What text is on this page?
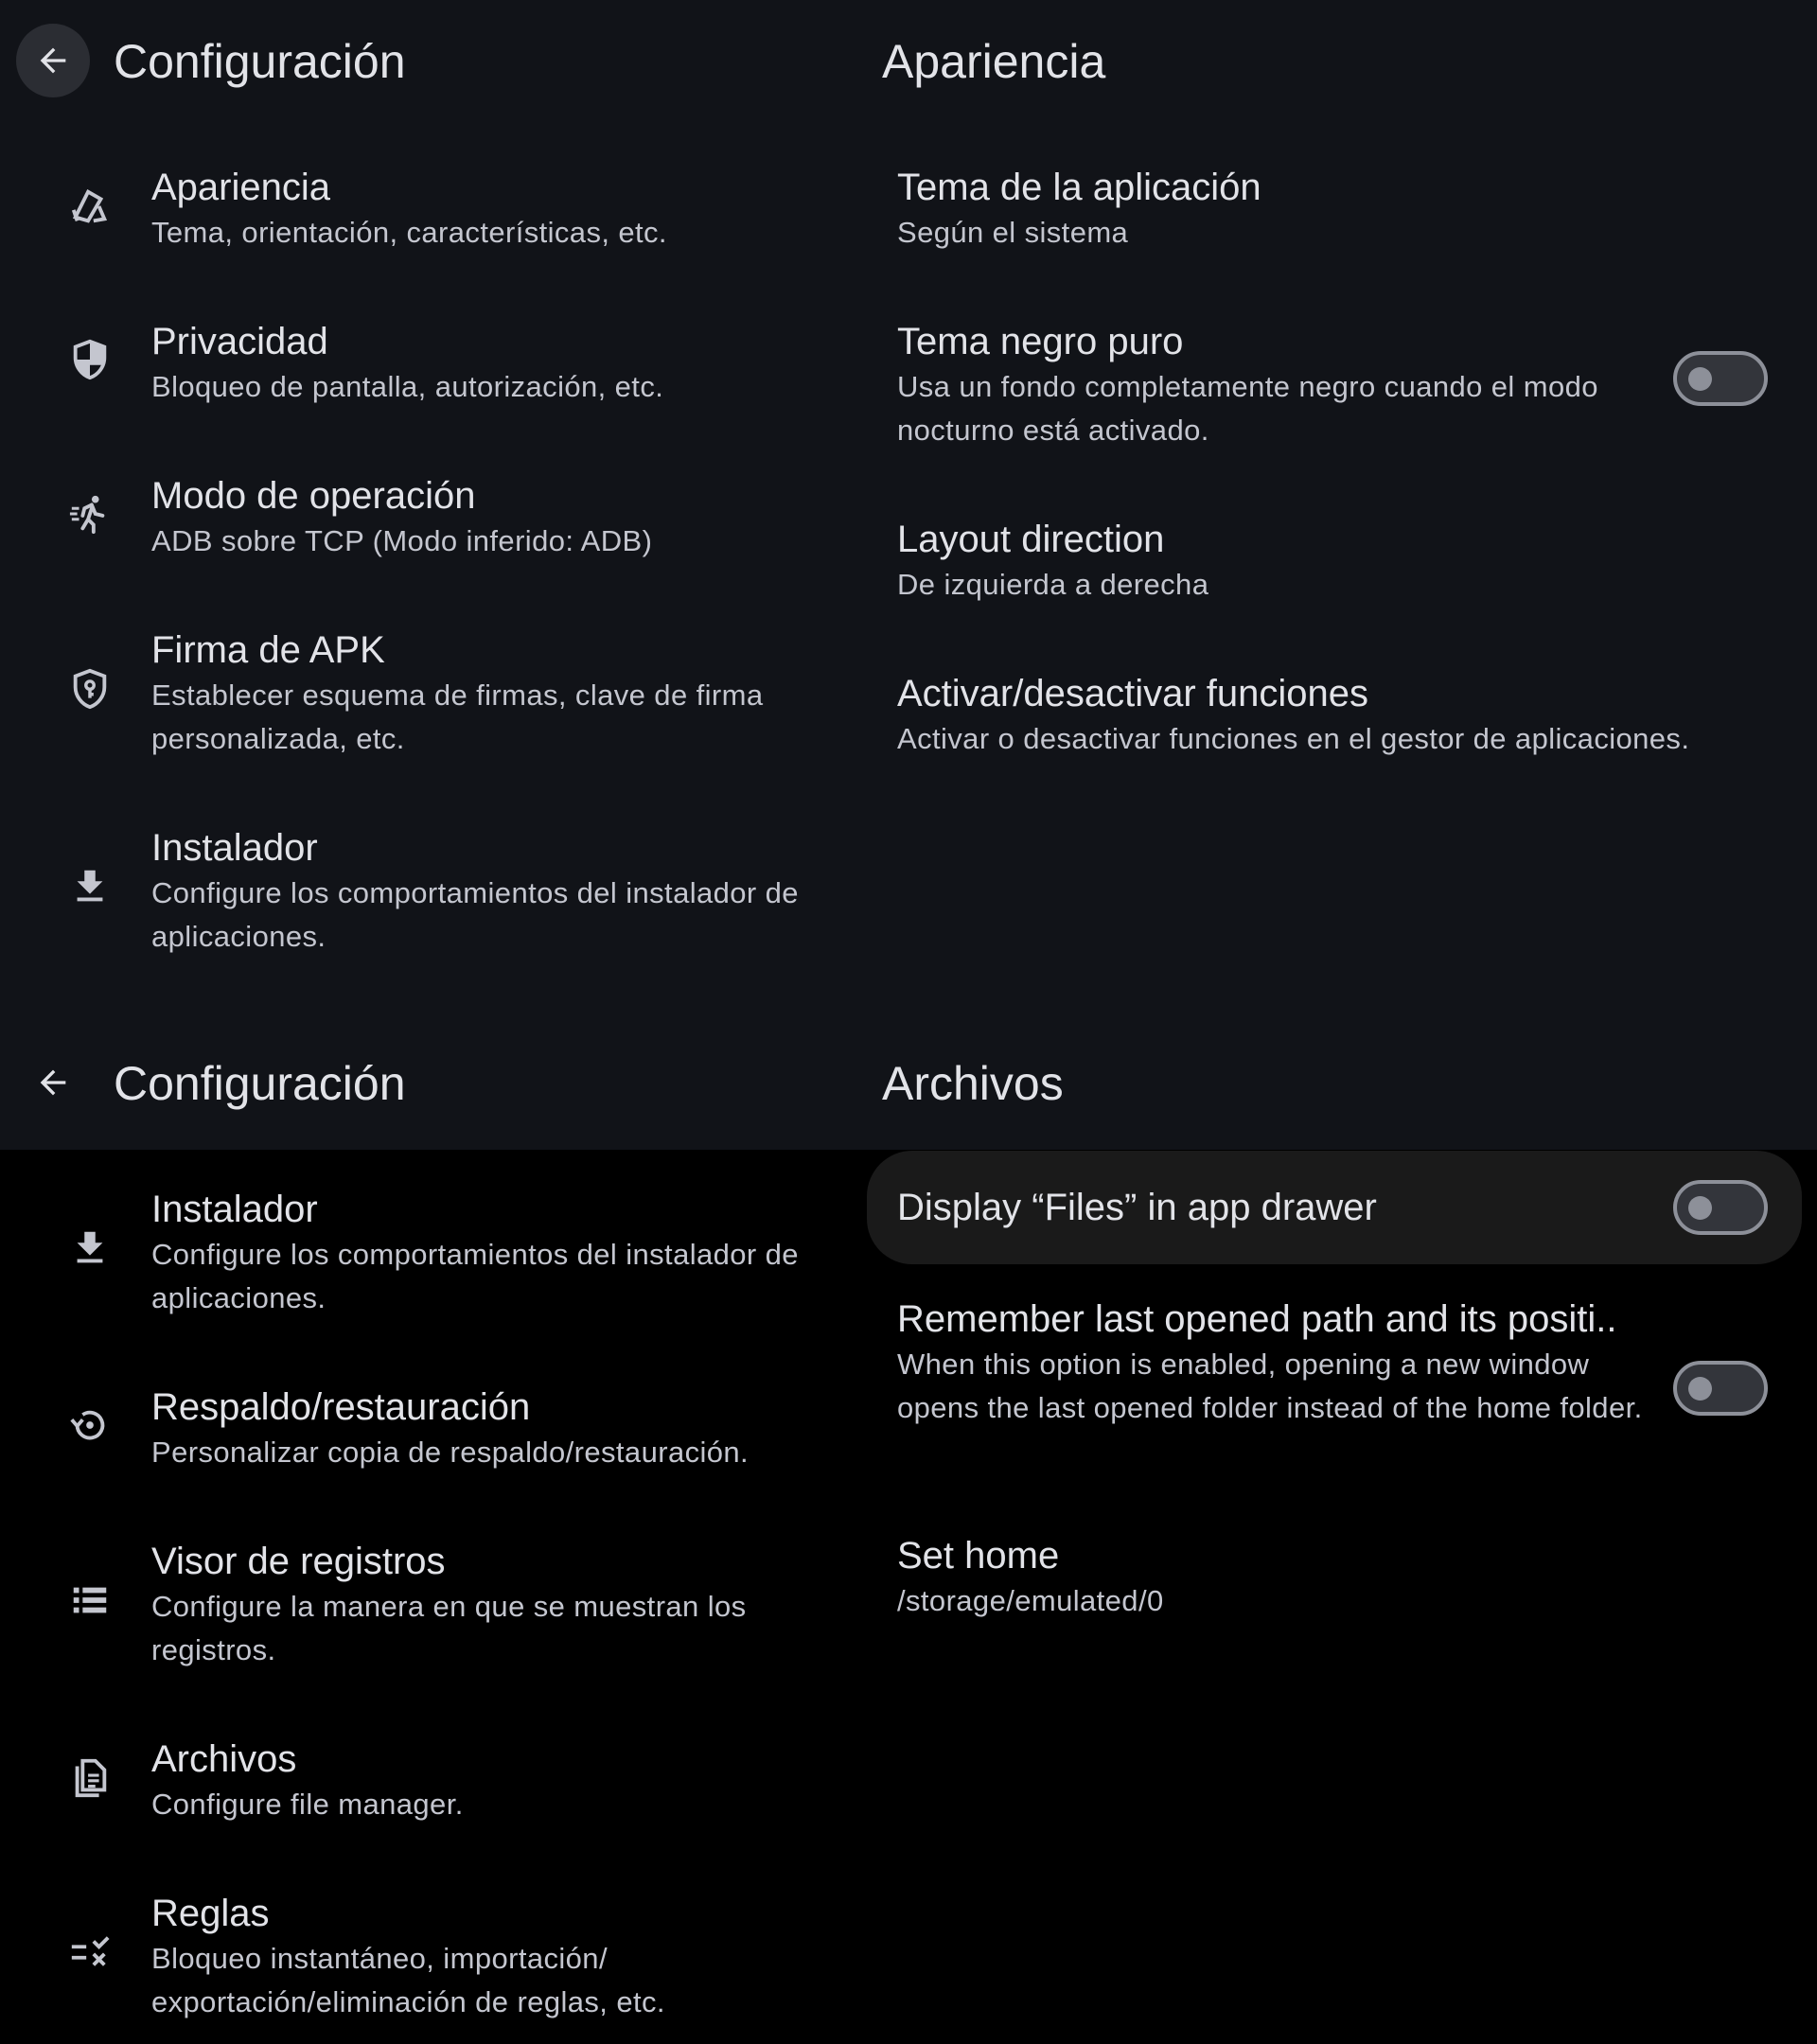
Configuración	Apariencia
Apariencia
Tema, orientación, características, etc.
Privacidad
Bloqueo de pantalla, autorización, etc.
Modo de operación
ADB sobre TCP (Modo inferido: ADB)
Firma de APK
Establecer esquema de firmas, clave de firma personalizada, etc.
Instalador
Configure los comportamientos del instalador de aplicaciones.
Tema de la aplicación
Según el sistema
Tema negro puro
Usa un fondo completamente negro cuando el modo nocturno está activado.
Layout direction
De izquierda a derecha
Activar/desactivar funciones
Activar o desactivar funciones en el gestor de aplicaciones.
Configuración	Archivos
Instalador
Configure los comportamientos del instalador de aplicaciones.
Respaldo/restauración
Personalizar copia de respaldo/restauración.
Visor de registros
Configure la manera en que se muestran los registros.
Archivos
Configure file manager.
Reglas
Bloqueo instantáneo, importación/ exportación/eliminación de reglas, etc.
Display “Files” in app drawer
Remember last opened path and its positi..
When this option is enabled, opening a new window opens the last opened folder instead of the home folder.
Set home
/storage/emulated/0
